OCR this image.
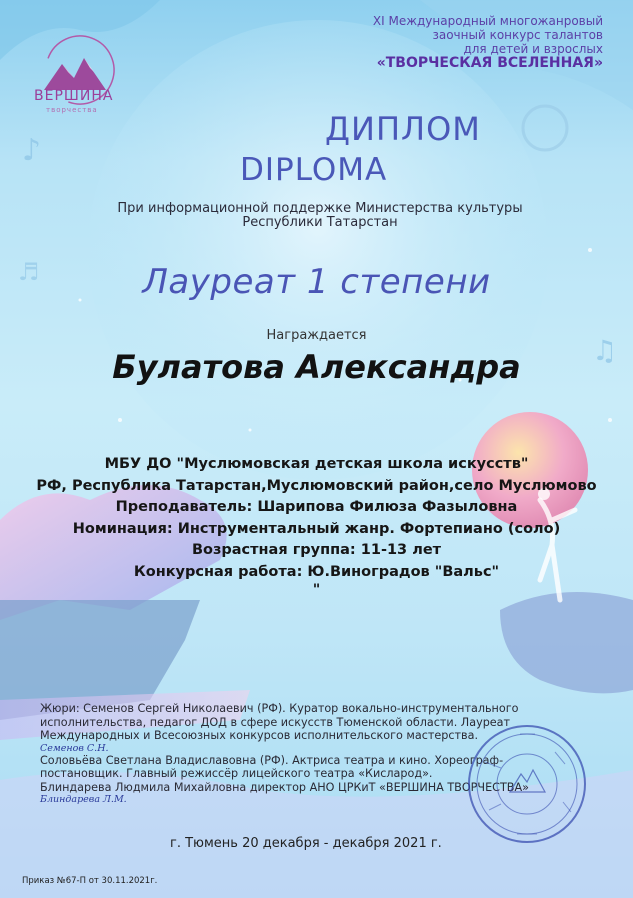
♪
♫
♬
ВЕРШИНА
творчества
XI Международный многожанровый
заочный конкурс талантов
для детей и взрослых
«ТВОРЧЕСКАЯ ВСЕЛЕННАЯ»
ДИПЛОМ
DIPLOMA
При информационной поддержке Министерства культуры
Республики Татарстан
Лауреат 1 степени
Награждается
Булатова Александра
МБУ ДО "Муслюмовская детская школа искусств"
РФ, Республика Татарстан,Муслюмовский район,село Муслюмово
Преподаватель: Шарипова Филюза Фазыловна
Номинация: Инструментальный жанр. Фортепиано (соло)
Возрастная группа: 11-13 лет
Конкурсная работа: Ю.Виноградов "Вальс"
"
Жюри: Семенов Сергей Николаевич (РФ). Куратор вокально-инструментального
исполнительства, педагог ДОД в сфере искусств Тюменской области. Лауреат
Международных и Всесоюзных конкурсов исполнительского мастерства.
Семенов С.Н.
Соловьёва Светлана Владиславовна (РФ). Актриса театра и кино. Хореограф-
постановщик. Главный режиссёр лицейского театра «Кисларод».
Блиндарева Людмила Михайловна директор АНО ЦРКиТ «ВЕРШИНА ТВОРЧЕСТВА»
Блиндарева Л.М.
г. Тюмень 20 декабря - декабря 2021 г.
Приказ №67-П от 30.11.2021г.
